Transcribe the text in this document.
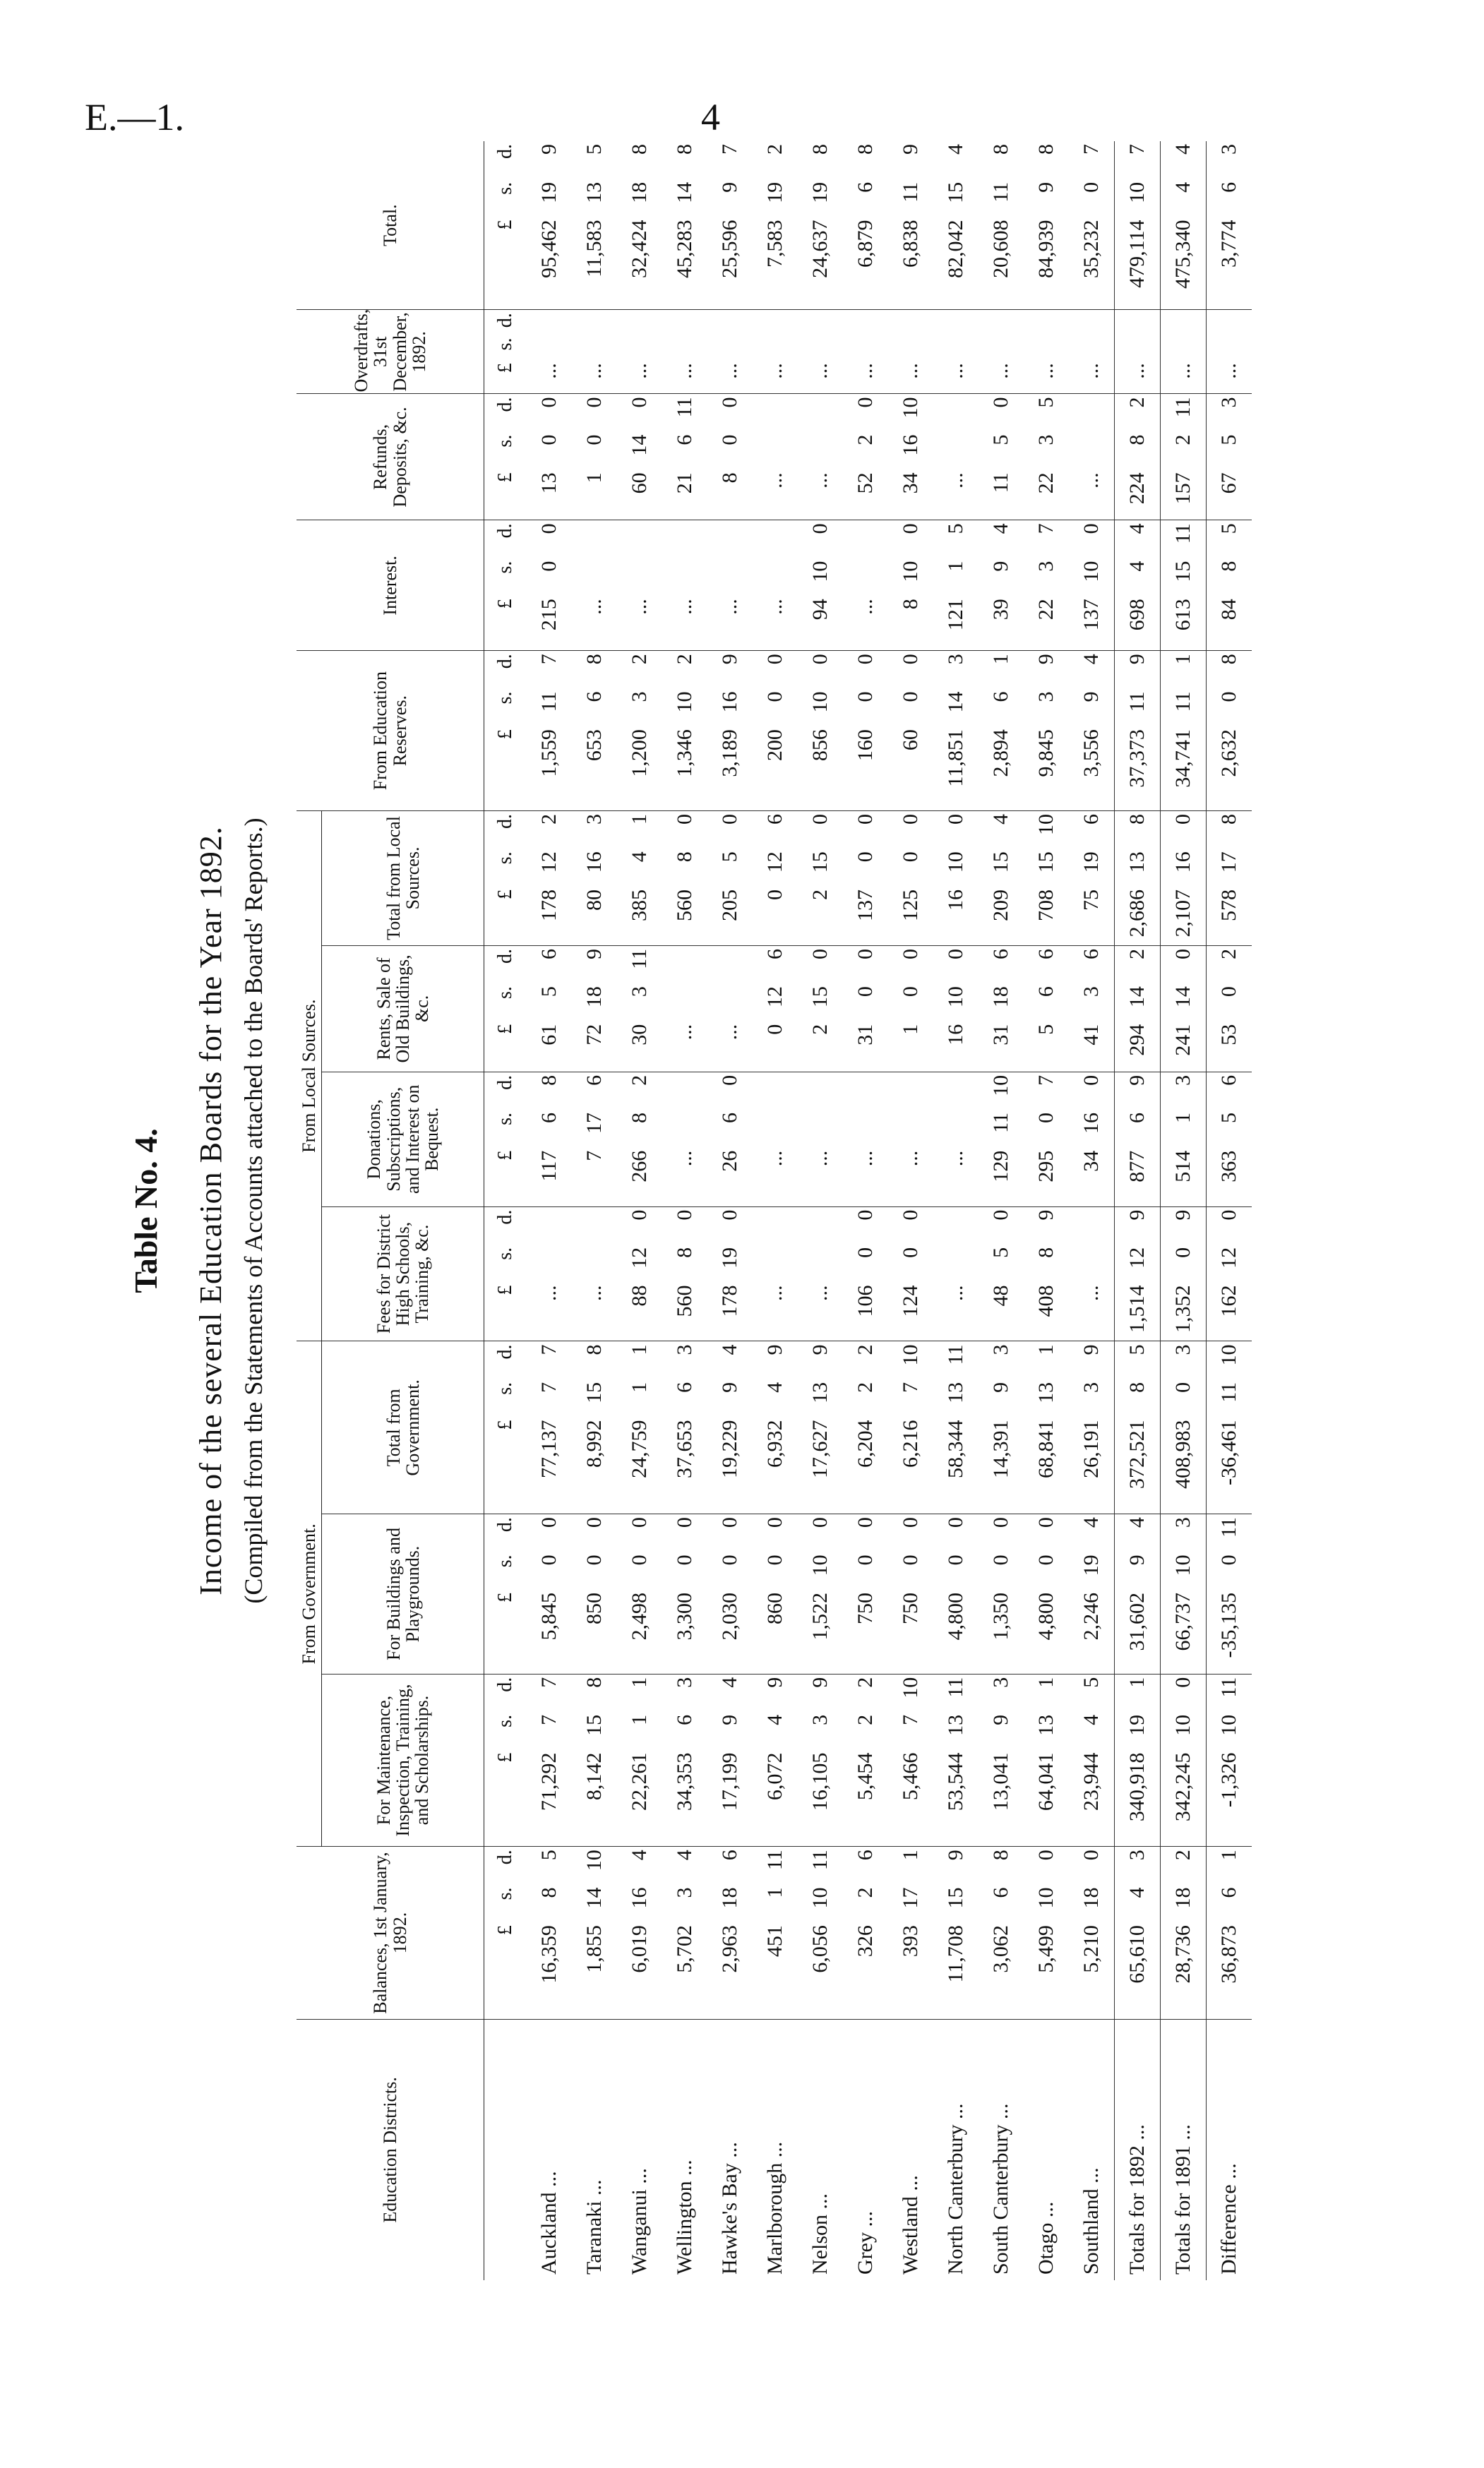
E.—1.	4
Table No. 4. Income of the several Education Boards for the Year 1892. (Compiled from the Statements of Accounts attached to the Boards' Reports.)
Education Districts.	Balances, 1st January, 1892.			From Government.									From Local Sources.												From Education Reserves.			Interest.			Refunds, Deposits, &c.			Overdrafts, 31st December, 1892.			Total.		
				For Maintenance, Inspection, Training, and Scholarships.			For Buildings and Playgrounds.			Total from Government.			Fees for District High Schools, Training, &c.			Donations, Subscriptions, and Interest on Bequest.			Rents, Sale of Old Buildings, &c.			Total from Local Sources.																	
	£	s.	d.	£	s.	d.	£	s.	d.	£	s.	d.	£	s.	d.	£	s.	d.	£	s.	d.	£	s.	d.	£	s.	d.	£	s.	d.	£	s.	d.	£	s.	d.	£	s.	d.
Auckland ...	16,359	8	5	71,292	7	7	5,845	0	0	77,137	7	7	...			117	6	8	61	5	6	178	12	2	1,559	11	7	215	0	0	13	0	0	...			95,462	19	9
Taranaki ...	1,855	14	10	8,142	15	8	850	0	0	8,992	15	8	...			7	17	6	72	18	9	80	16	3	653	6	8	...			1	0	0	...			11,583	13	5
Wanganui ...	6,019	16	4	22,261	1	1	2,498	0	0	24,759	1	1	88	12	0	266	8	2	30	3	11	385	4	1	1,200	3	2	...			60	14	0	...			32,424	18	8
Wellington ...	5,702	3	4	34,353	6	3	3,300	0	0	37,653	6	3	560	8	0	...			...			560	8	0	1,346	10	2	...			21	6	11	...			45,283	14	8
Hawke's Bay ...	2,963	18	6	17,199	9	4	2,030	0	0	19,229	9	4	178	19	0	26	6	0	...			205	5	0	3,189	16	9	...			8	0	0	...			25,596	9	7
Marlborough ...	451	1	11	6,072	4	9	860	0	0	6,932	4	9	...			...			0	12	6	0	12	6	200	0	0	...			...			...			7,583	19	2
Nelson ...	6,056	10	11	16,105	3	9	1,522	10	0	17,627	13	9	...			...			2	15	0	2	15	0	856	10	0	94	10	0	...			...			24,637	19	8
Grey ...	326	2	6	5,454	2	2	750	0	0	6,204	2	2	106	0	0	...			31	0	0	137	0	0	160	0	0	...			52	2	0	...			6,879	6	8
Westland ...	393	17	1	5,466	7	10	750	0	0	6,216	7	10	124	0	0	...			1	0	0	125	0	0	60	0	0	8	10	0	34	16	10	...			6,838	11	9
North Canterbury ...	11,708	15	9	53,544	13	11	4,800	0	0	58,344	13	11	...			...			16	10	0	16	10	0	11,851	14	3	121	1	5	...			...			82,042	15	4
South Canterbury ...	3,062	6	8	13,041	9	3	1,350	0	0	14,391	9	3	48	5	0	129	11	10	31	18	6	209	15	4	2,894	6	1	39	9	4	11	5	0	...			20,608	11	8
Otago ...	5,499	10	0	64,041	13	1	4,800	0	0	68,841	13	1	408	8	9	295	0	7	5	6	6	708	15	10	9,845	3	9	22	3	7	22	3	5	...			84,939	9	8
Southland ...	5,210	18	0	23,944	4	5	2,246	19	4	26,191	3	9	...			34	16	0	41	3	6	75	19	6	3,556	9	4	137	10	0	...			...			35,232	0	7
Totals for 1892 ...	65,610	4	3	340,918	19	1	31,602	9	4	372,521	8	5	1,514	12	9	877	6	9	294	14	2	2,686	13	8	37,373	11	9	698	4	4	224	8	2	...			479,114	10	7
Totals for 1891 ...	28,736	18	2	342,245	10	0	66,737	10	3	408,983	0	3	1,352	0	9	514	1	3	241	14	0	2,107	16	0	34,741	11	1	613	15	11	157	2	11	...			475,340	4	4
Difference ...	36,873	6	1	-1,326	10	11	-35,135	0	11	-36,461	11	10	162	12	0	363	5	6	53	0	2	578	17	8	2,632	0	8	84	8	5	67	5	3	...			3,774	6	3
